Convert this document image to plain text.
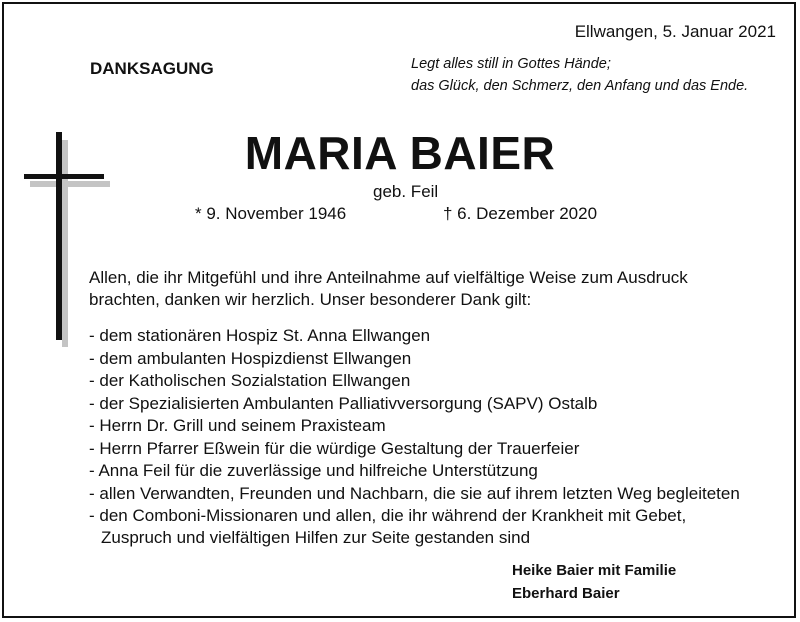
Ellwangen, 5. Januar 2021
DANKSAGUNG	Legt alles still in Gottes Hände;
das Glück, den Schmerz, den Anfang und das Ende.
MARIA BAIER
geb. Feil
* 9. November 1946	† 6. Dezember 2020
Allen, die ihr Mitgefühl und ihre Anteilnahme auf vielfältige Weise zum Ausdruck
brachten, danken wir herzlich. Unser besonderer Dank gilt:
- dem stationären Hospiz St. Anna Ellwangen
- dem ambulanten Hospizdienst Ellwangen
- der Katholischen Sozialstation Ellwangen
- der Spezialisierten Ambulanten Palliativversorgung (SAPV) Ostalb
- Herrn Dr. Grill und seinem Praxisteam
- Herrn Pfarrer Eßwein für die würdige Gestaltung der Trauerfeier
- Anna Feil für die zuverlässige und hilfreiche Unterstützung
- allen Verwandten, Freunden und Nachbarn, die sie auf ihrem letzten Weg begleiteten
- den Comboni-Missionaren und allen, die ihr während der Krankheit mit Gebet,
Zuspruch und vielfältigen Hilfen zur Seite gestanden sind
Heike Baier mit Familie
Eberhard Baier
